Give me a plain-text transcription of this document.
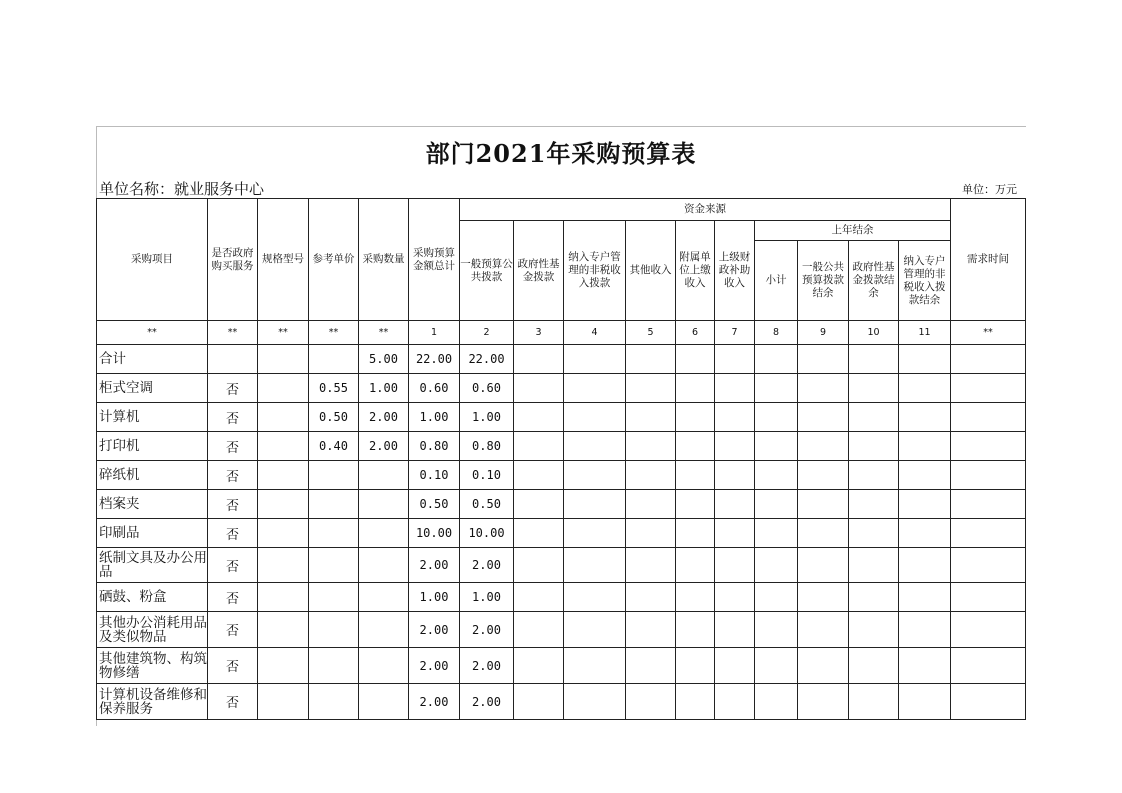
部门2021年采购预算表
单位名称：就业服务中心	单位：万元
采购项目	是否政府购买服务	规格型号	参考单价	采购数量	采购预算金额总计	资金来源										需求时间
						一般预算公共拨款	政府性基金拨款	纳入专户管理的非税收入拨款	其他收入	附属单位上缴收入	上级财政补助收入	上年结余				
												小计	一般公共预算拨款结余	政府性基金拨款结余	纳入专户管理的非税收入拨款结余	
**	**	**	**	**	1	2	3	4	5	6	7	8	9	10	11	**
合计				5.00	22.00	22.00										
柜式空调	否		0.55	1.00	0.60	0.60										
计算机	否		0.50	2.00	1.00	1.00										
打印机	否		0.40	2.00	0.80	0.80										
碎纸机	否				0.10	0.10										
档案夹	否				0.50	0.50										
印刷品	否				10.00	10.00										
纸制文具及办公用品	否				2.00	2.00										
硒鼓、粉盒	否				1.00	1.00										
其他办公消耗用品及类似物品	否				2.00	2.00										
其他建筑物、构筑物修缮	否				2.00	2.00										
计算机设备维修和保养服务	否				2.00	2.00										
